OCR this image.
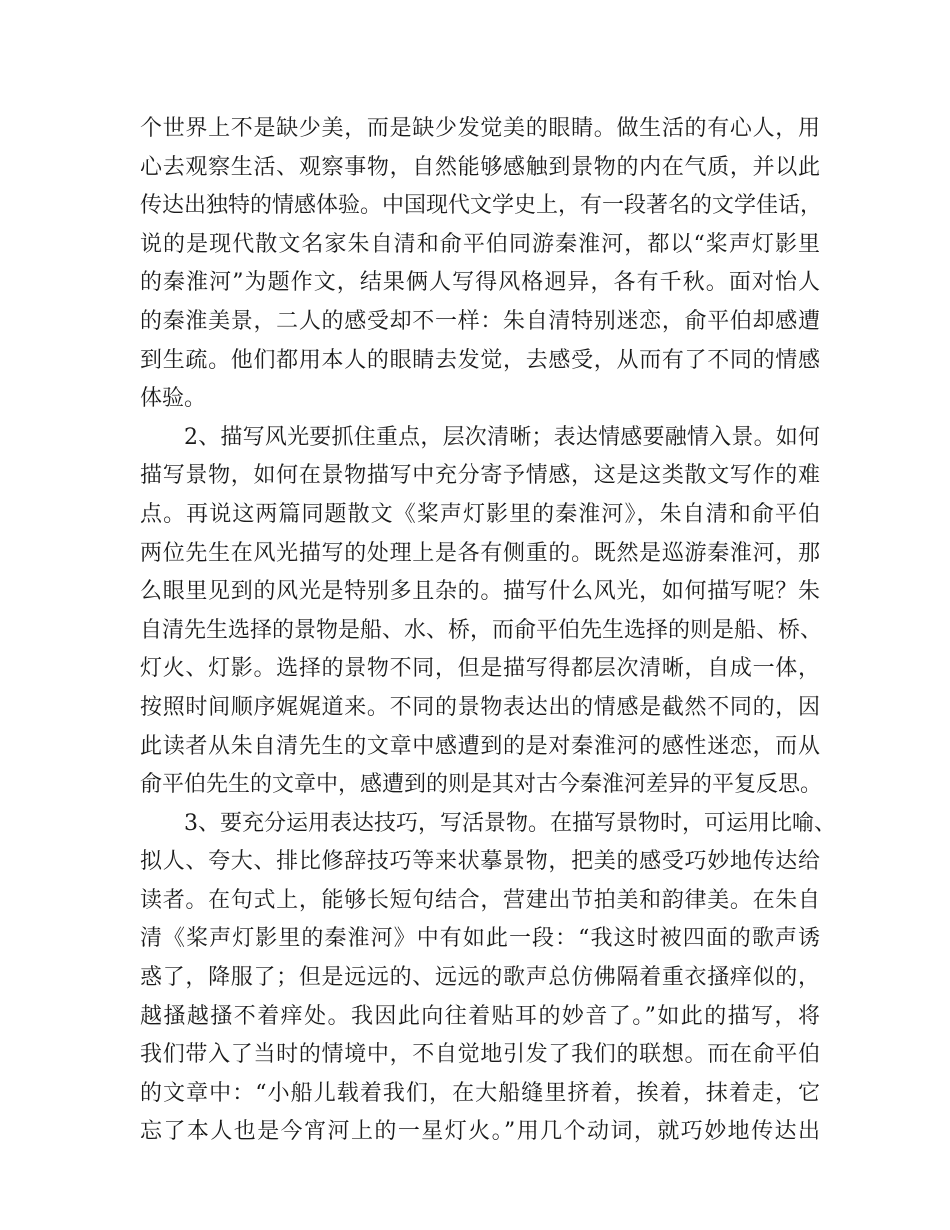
个世界上不是缺少美，而是缺少发觉美的眼睛。做生活的有心人，用
心去观察生活、观察事物，自然能够感触到景物的内在气质，并以此
传达出独特的情感体验。中国现代文学史上，有一段著名的文学佳话，
说的是现代散文名家朱自清和俞平伯同游秦淮河，都以“桨声灯影里
的秦淮河”为题作文，结果俩人写得风格迥异，各有千秋。面对怡人
的秦淮美景，二人的感受却不一样：朱自清特别迷恋，俞平伯却感遭
到生疏。他们都用本人的眼睛去发觉，去感受，从而有了不同的情感
体验。
2、描写风光要抓住重点，层次清晰；表达情感要融情入景。如何
描写景物，如何在景物描写中充分寄予情感，这是这类散文写作的难
点。再说这两篇同题散文《桨声灯影里的秦淮河》，朱自清和俞平伯
两位先生在风光描写的处理上是各有侧重的。既然是巡游秦淮河，那
么眼里见到的风光是特别多且杂的。描写什么风光，如何描写呢？朱
自清先生选择的景物是船、水、桥，而俞平伯先生选择的则是船、桥、
灯火、灯影。选择的景物不同，但是描写得都层次清晰，自成一体，
按照时间顺序娓娓道来。不同的景物表达出的情感是截然不同的，因
此读者从朱自清先生的文章中感遭到的是对秦淮河的感性迷恋，而从
俞平伯先生的文章中，感遭到的则是其对古今秦淮河差异的平复反思。
3、要充分运用表达技巧，写活景物。在描写景物时，可运用比喻、
拟人、夸大、排比修辞技巧等来状摹景物，把美的感受巧妙地传达给
读者。在句式上，能够长短句结合，营建出节拍美和韵律美。在朱自
清《桨声灯影里的秦淮河》中有如此一段：“我这时被四面的歌声诱
惑了，降服了；但是远远的、远远的歌声总仿佛隔着重衣搔痒似的，
越搔越搔不着痒处。我因此向往着贴耳的妙音了。”如此的描写，将
我们带入了当时的情境中，不自觉地引发了我们的联想。而在俞平伯
的文章中：“小船儿载着我们，在大船缝里挤着，挨着，抹着走，它
忘了本人也是今宵河上的一星灯火。”用几个动词，就巧妙地传达出
